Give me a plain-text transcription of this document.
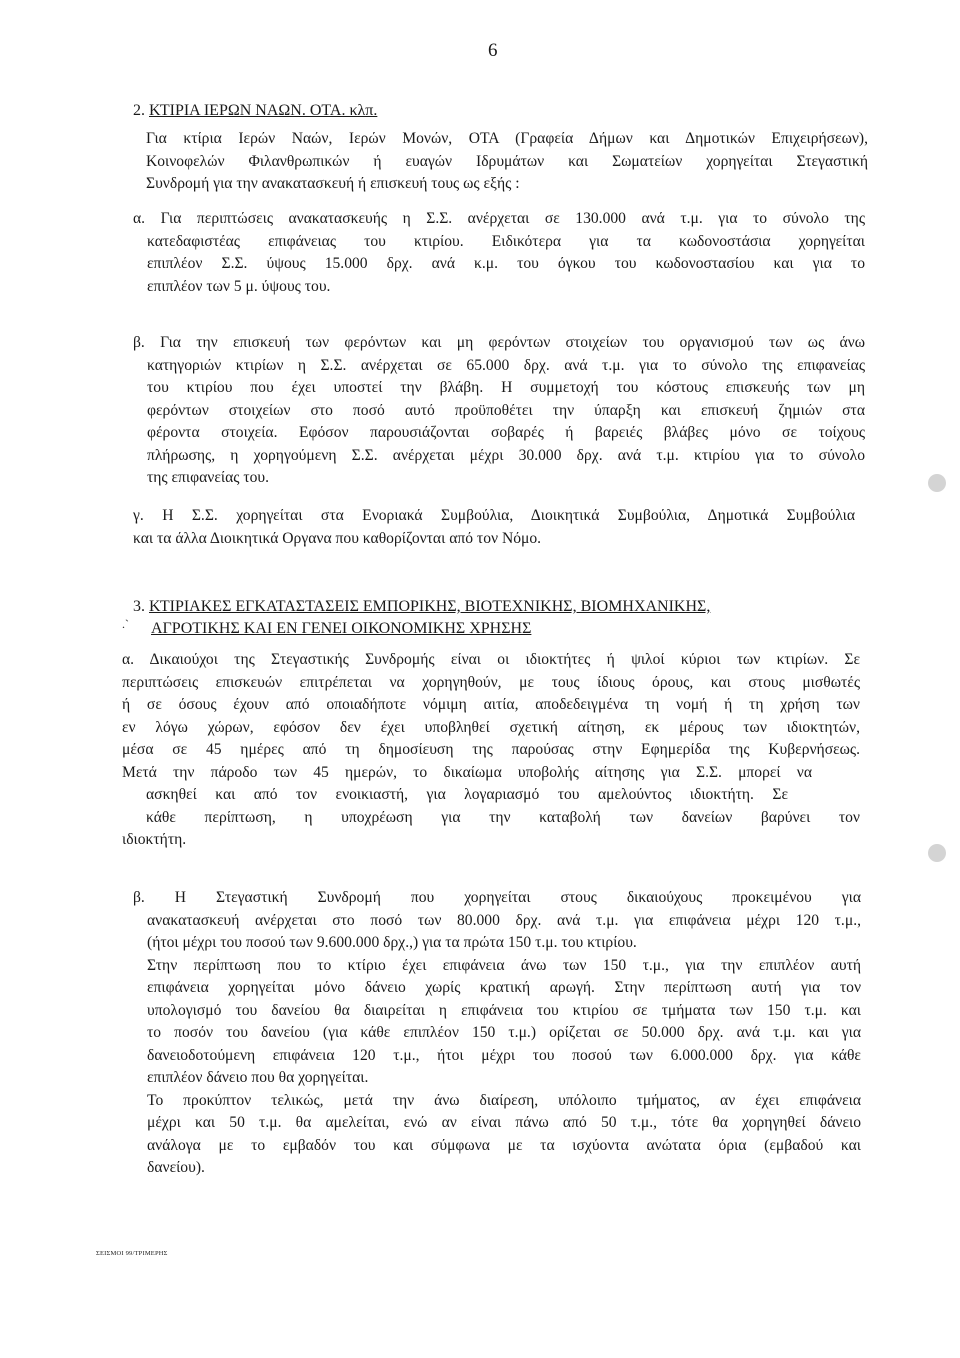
6
2. ΚΤΙΡΙΑ ΙΕΡΩΝ ΝΑΩΝ. ΟΤΑ. κλπ.
Για κτίρια Ιερών Ναών, Ιερών Μονών, ΟΤΑ (Γραφεία Δήμων και Δημοτικών Επιχειρήσεων),
Κοινοφελών Φιλανθρωπικών ή ευαγών Ιδρυμάτων και Σωματείων χορηγείται Στεγαστική
Συνδρομή για την ανακατασκευή ή επισκευή τους ως εξής :
α. Για περιπτώσεις ανακατασκευής η Σ.Σ. ανέρχεται σε 130.000 ανά τ.μ. για το σύνολο της
κατεδαφιστέας επιφάνειας του κτιρίου. Ειδικότερα για τα κωδονοστάσια χορηγείται
επιπλέον Σ.Σ. ύψους 15.000 δρχ. ανά κ.μ. του όγκου του κωδονοστασίου και για το
επιπλέον των 5 μ. ύψους του.
β. Για την επισκευή των φερόντων και μη φερόντων στοιχείων του οργανισμού των ως άνω
κατηγοριών κτιρίων η Σ.Σ. ανέρχεται σε 65.000 δρχ. ανά τ.μ. για το σύνολο της επιφανείας
του κτιρίου που έχει υποστεί την βλάβη. Η συμμετοχή του κόστους επισκευής των μη
φερόντων στοιχείων στο ποσό αυτό προϋποθέτει την ύπαρξη και επισκευή ζημιών στα
φέροντα στοιχεία. Εφόσον παρουσιάζονται σοβαρές ή βαρειές βλάβες μόνο σε τοίχους
πλήρωσης, η χορηγούμενη Σ.Σ. ανέρχεται μέχρι 30.000 δρχ. ανά τ.μ. κτιρίου για το σύνολο
της επιφανείας του.
γ. Η Σ.Σ. χορηγείται στα Ενοριακά Συμβούλια, Διοικητικά Συμβούλια, Δημοτικά Συμβούλια
και τα άλλα Διοικητικά Οργανα που καθορίζονται από τον Νόμο.
3. ΚΤΙΡΙΑΚΕΣ ΕΓΚΑΤΑΣΤΑΣΕΙΣ ΕΜΠΟΡΙΚΗΣ, ΒΙΟΤΕΧΝΙΚΗΣ, ΒΙΟΜΗΧΑΝΙΚΗΣ,
ΑΓΡΟΤΙΚΗΣ ΚΑΙ ΕΝ ΓΕΝΕΙ ΟΙΚΟΝΟΜΙΚΗΣ ΧΡΗΣΗΣ
.`
α. Δικαιούχοι της Στεγαστικής Συνδρομής είναι οι ιδιοκτήτες ή ψιλοί κύριοι των κτιρίων. Σε
περιπτώσεις επισκευών επιτρέπεται να χορηγηθούν, με τους ίδιους όρους, και στους μισθωτές
ή σε όσους έχουν από οποιαδήποτε νόμιμη αιτία, αποδεδειγμένα τη νομή ή τη χρήση των
εν λόγω χώρων, εφόσον δεν έχει υποβληθεί σχετική αίτηση, εκ μέρους των ιδιοκτητών,
μέσα σε 45 ημέρες από τη δημοσίευση της παρούσας στην Εφημερίδα της Κυβερνήσεως.
Μετά την πάροδο των 45 ημερών, το δικαίωμα υποβολής αίτησης για Σ.Σ. μπορεί να
ασκηθεί και από τον ενοικιαστή, για λογαριασμό του αμελούντος ιδιοκτήτη. Σε
κάθε περίπτωση, η υποχρέωση για την καταβολή των δανείων βαρύνει τον
ιδιοκτήτη.
β. Η Στεγαστική Συνδρομή που χορηγείται στους δικαιούχους προκειμένου για
ανακατασκευή ανέρχεται στο ποσό των 80.000 δρχ. ανά τ.μ. για επιφάνεια μέχρι 120 τ.μ.,
(ήτοι μέχρι του ποσού των 9.600.000 δρχ.,) για τα πρώτα 150 τ.μ. του κτιρίου.
Στην περίπτωση που το κτίριο έχει επιφάνεια άνω των 150 τ.μ., για την επιπλέον αυτή
επιφάνεια χορηγείται μόνο δάνειο χωρίς κρατική αρωγή. Στην περίπτωση αυτή για τον
υπολογισμό του δανείου θα διαιρείται η επιφάνεια του κτιρίου σε τμήματα των 150 τ.μ. και
το ποσόν του δανείου (για κάθε επιπλέον 150 τ.μ.) ορίζεται σε 50.000 δρχ. ανά τ.μ. και για
δανειοδοτούμενη επιφάνεια 120 τ.μ., ήτοι μέχρι του ποσού των 6.000.000 δρχ. για κάθε
επιπλέον δάνειο που θα χορηγείται.
Το προκύπτον τελικώς, μετά την άνω διαίρεση, υπόλοιπο τμήματος, αν έχει επιφάνεια
μέχρι και 50 τ.μ. θα αμελείται, ενώ αν είναι πάνω από 50 τ.μ., τότε θα χορηγηθεί δάνειο
ανάλογα με το εμβαδόν του και σύμφωνα με τα ισχύοντα ανώτατα όρια (εμβαδού και
δανείου).
ΣΕΙΣΜΟΙ 99/ΤΡΙΜΕΡΗΣ
